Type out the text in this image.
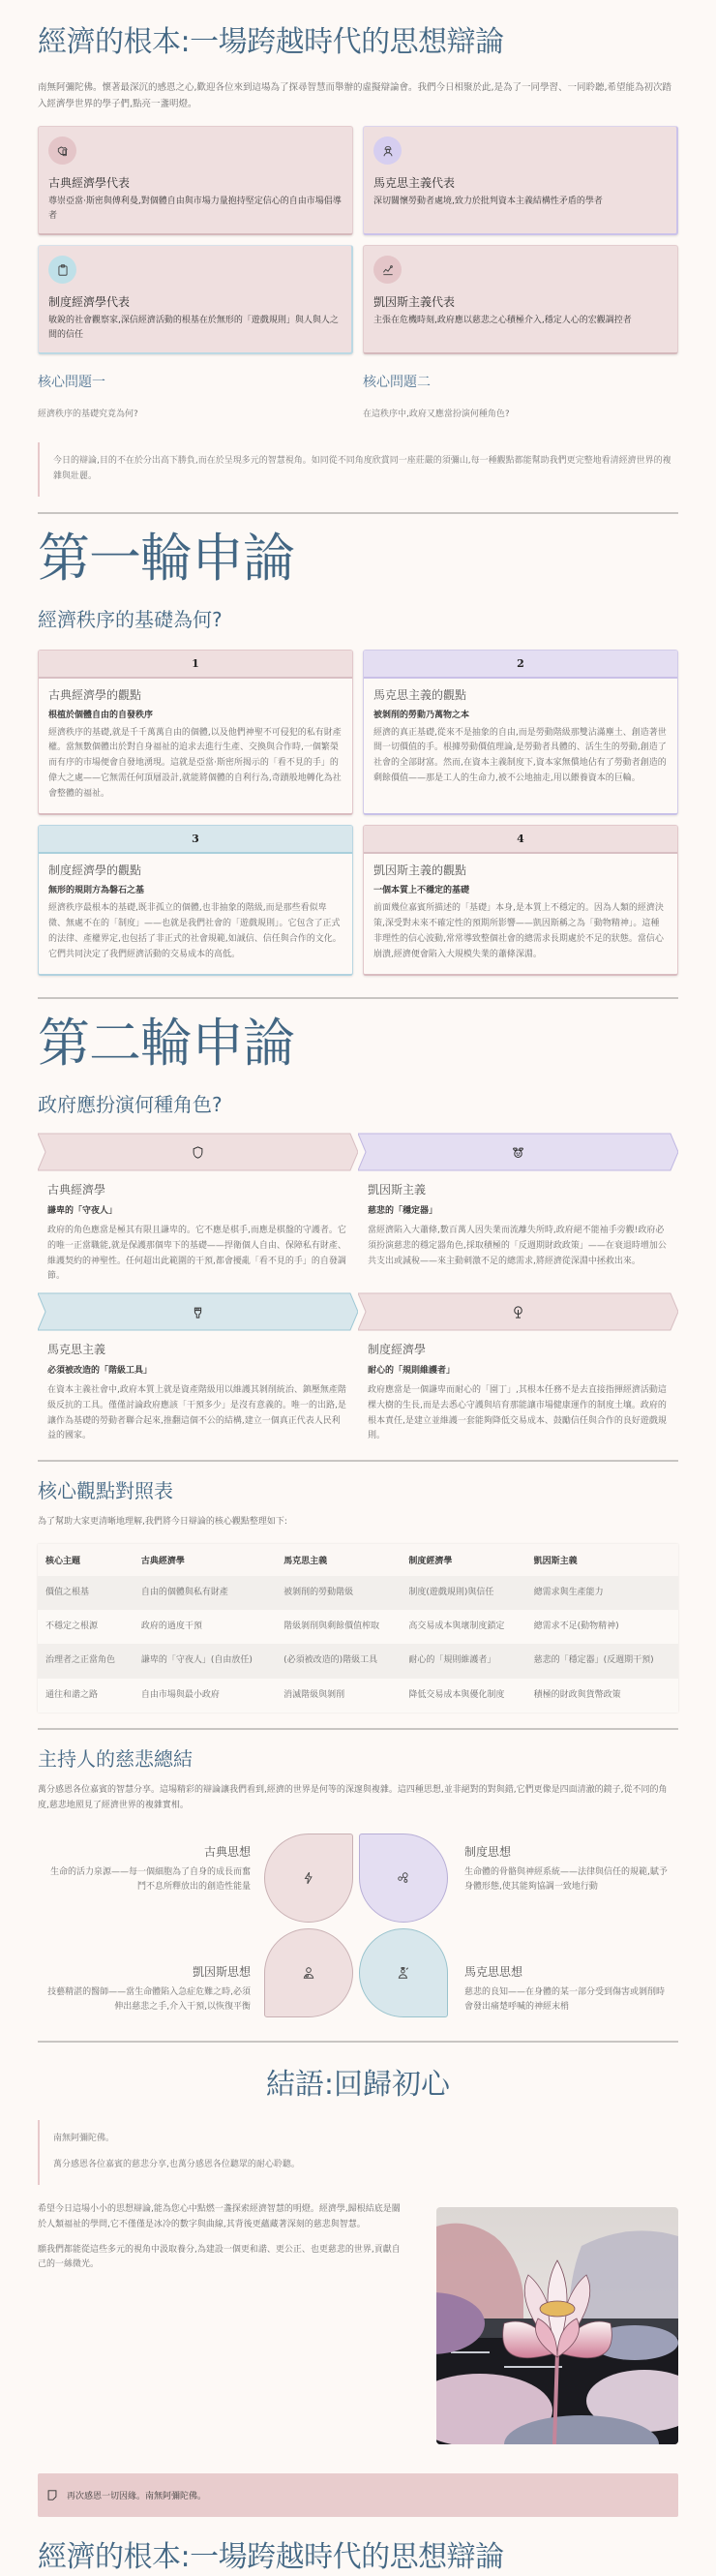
經濟的根本:一場跨越時代的思想辯論

南無阿彌陀佛。懷著最深沉的感恩之心,歡迎各位來到這場為了探尋智慧而舉辦的虛擬辯論會。我們今日相聚於此,是為了一同學習、一同聆聽,希望能為初次踏入經濟學世界的學子們,點亮一盞明燈。

古典經濟學代表
尊崇亞當·斯密與傅利曼,對個體自由與市場力量抱持堅定信心的自由市場倡導者
馬克思主義代表
深切關懷勞動者處境,致力於批判資本主義結構性矛盾的學者
制度經濟學代表
敏銳的社會觀察家,深信經濟活動的根基在於無形的「遊戲規則」與人與人之間的信任
凱因斯主義代表
主張在危機時刻,政府應以慈悲之心積極介入,穩定人心的宏觀調控者
核心問題一
經濟秩序的基礎究竟為何?
核心問題二
在這秩序中,政府又應當扮演何種角色?
今日的辯論,目的不在於分出高下勝負,而在於呈現多元的智慧視角。如同從不同角度欣賞同一座莊嚴的須彌山,每一種觀點都能幫助我們更完整地看清經濟世界的複雜與壯麗。
第一輪申論
經濟秩序的基礎為何?
1
古典經濟學的觀點
根植於個體自由的自發秩序
經濟秩序的基礎,就是千千萬萬自由的個體,以及他們神聖不可侵犯的私有財產權。當無數個體出於對自身福祉的追求去進行生產、交換與合作時,一個繁榮而有序的市場便會自發地湧現。這就是亞當·斯密所揭示的「看不見的手」的偉大之處——它無需任何頂層設計,就能將個體的自利行為,奇蹟般地轉化為社會整體的福祉。
2
馬克思主義的觀點
被剝削的勞動乃萬物之本
經濟的真正基礎,從來不是抽象的自由,而是勞動階級那雙沾滿塵土、創造著世間一切價值的手。根據勞動價值理論,是勞動者具體的、活生生的勞動,創造了社會的全部財富。然而,在資本主義制度下,資本家無償地佔有了勞動者創造的剩餘價值——那是工人的生命力,被不公地抽走,用以餵養資本的巨輪。
3
制度經濟學的觀點
無形的規則方為磐石之基
經濟秩序最根本的基礎,既非孤立的個體,也非抽象的階級,而是那些看似卑微、無處不在的「制度」——也就是我們社會的「遊戲規則」。它包含了正式的法律、產權界定,也包括了非正式的社會規範,如誠信、信任與合作的文化。它們共同決定了我們經濟活動的交易成本的高低。
4
凱因斯主義的觀點
一個本質上不穩定的基礎
前面幾位嘉賓所描述的「基礎」本身,是本質上不穩定的。因為人類的經濟決策,深受對未來不確定性的預期所影響——凱因斯稱之為「動物精神」。這種非理性的信心波動,常常導致整個社會的總需求長期處於不足的狀態。當信心崩潰,經濟便會陷入大規模失業的蕭條深淵。
第二輪申論
政府應扮演何種角色?
古典經濟學
謙卑的「守夜人」
政府的角色應當是極其有限且謙卑的。它不應是棋手,而應是棋盤的守護者。它的唯一正當職能,就是保護那個卑下的基礎——捍衛個人自由、保障私有財產、維護契約的神聖性。任何超出此範圍的干預,都會擾亂「看不見的手」的自發調節。
凱因斯主義
慈悲的「穩定器」
當經濟陷入大蕭條,數百萬人因失業而流離失所時,政府絕不能袖手旁觀!政府必須扮演慈悲的穩定器角色,採取積極的「反週期財政政策」——在衰退時增加公共支出或減稅——來主動刺激不足的總需求,將經濟從深淵中拯救出來。
馬克思主義
必須被改造的「階級工具」
在資本主義社會中,政府本質上就是資產階級用以維護其剝削統治、鎮壓無產階級反抗的工具。僅僅討論政府應該「干預多少」是沒有意義的。唯一的出路,是讓作為基礎的勞動者聯合起來,推翻這個不公的結構,建立一個真正代表人民利益的國家。
制度經濟學
耐心的「規則維護者」
政府應當是一個謙卑而耐心的「園丁」,其根本任務不是去直接指揮經濟活動這棵大樹的生長,而是去悉心守護與培育那能讓市場健康運作的制度土壤。政府的根本責任,是建立並維護一套能夠降低交易成本、鼓勵信任與合作的良好遊戲規則。
核心觀點對照表

為了幫助大家更清晰地理解,我們將今日辯論的核心觀點整理如下:

核心主題	古典經濟學	馬克思主義	制度經濟學	凱因斯主義
價值之根基	自由的個體與私有財產	被剝削的勞動階級	制度(遊戲規則)與信任	總需求與生產能力
不穩定之根源	政府的過度干預	階級剝削與剩餘價值榨取	高交易成本與壞制度鎖定	總需求不足(動物精神)
治理者之正當角色	謙卑的「守夜人」(自由放任)	(必須被改造的)階級工具	耐心的「規則維護者」	慈悲的「穩定器」(反週期干預)
通往和諧之路	自由市場與最小政府	消滅階級與剝削	降低交易成本與優化制度	積極的財政與貨幣政策
主持人的慈悲總結

萬分感恩各位嘉賓的智慧分享。這場精彩的辯論讓我們看到,經濟的世界是何等的深邃與複雜。這四種思想,並非絕對的對與錯,它們更像是四面清澈的鏡子,從不同的角度,慈悲地照見了經濟世界的複雜實相。

古典思想
生命的活力泉源——每一個細胞為了自身的成長而奮鬥不息所釋放出的創造性能量
制度思想
生命體的骨骼與神經系統——法律與信任的規範,賦予身體形態,使其能夠協調一致地行動
凱因斯思想
技藝精湛的醫師——當生命體陷入急症危難之時,必須伸出慈悲之手,介入干預,以恢復平衡
馬克思思想
慈悲的良知——在身體的某一部分受到傷害或剝削時會發出痛楚呼喊的神經末梢
結語:回歸初心

南無阿彌陀佛。

萬分感恩各位嘉賓的慈悲分享,也萬分感恩各位聽眾的耐心聆聽。

希望今日這場小小的思想辯論,能為您心中點燃一盞探索經濟智慧的明燈。經濟學,歸根結底是關於人類福祉的學問,它不僅僅是冰冷的數字與曲線,其背後更蘊藏著深刻的慈悲與智慧。

願我們都能從這些多元的視角中汲取養分,為建設一個更和諧、更公正、也更慈悲的世界,貢獻自己的一絲微光。

再次感恩一切因緣。南無阿彌陀佛。
經濟的根本:一場跨越時代的思想辯論
